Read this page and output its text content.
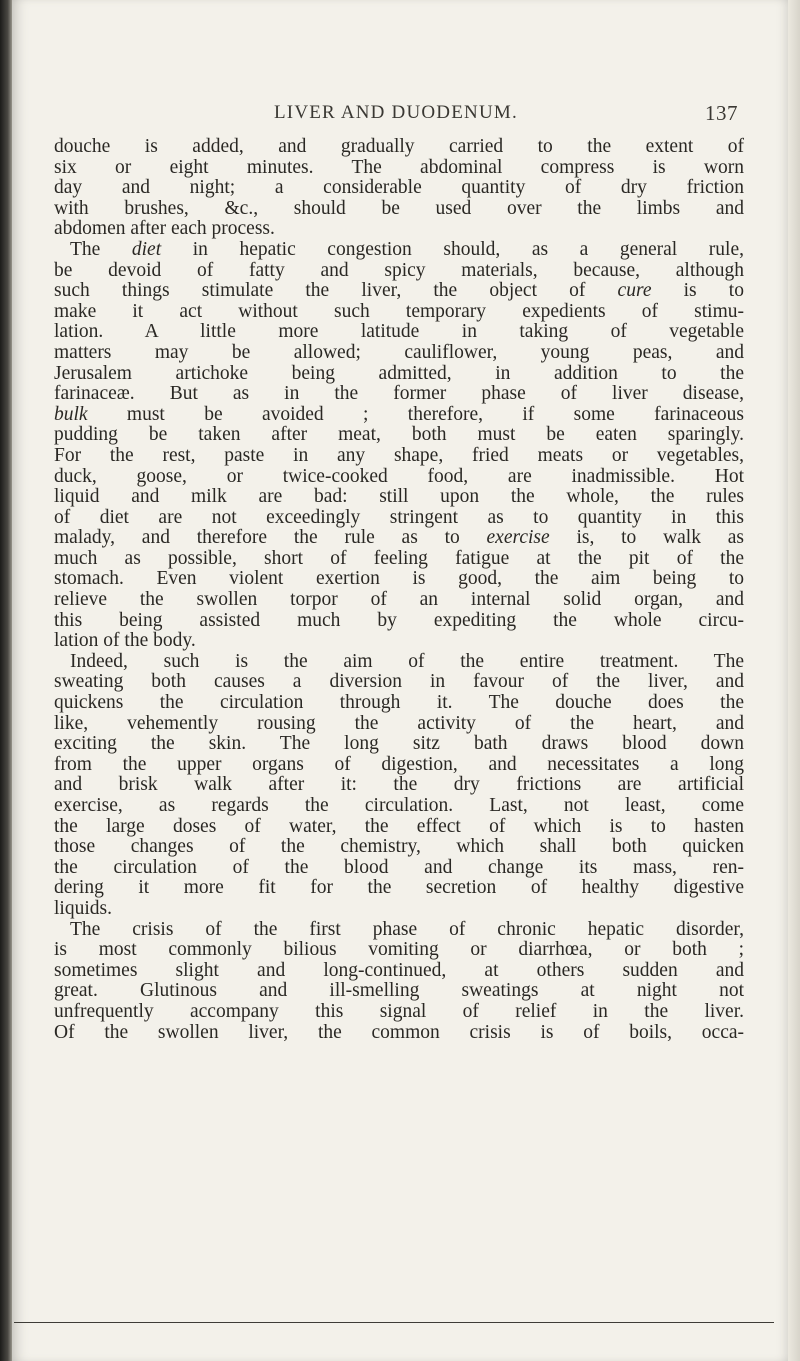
LIVER AND DUODENUM.	137
douche is added, and gradually carried to the extent of
six or eight minutes. The abdominal compress is worn
day and night; a considerable quantity of dry friction
with brushes, &c., should be used over the limbs and
abdomen after each process.
The diet in hepatic congestion should, as a general rule,
be devoid of fatty and spicy materials, because, although
such things stimulate the liver, the object of cure is to
make it act without such temporary expedients of stimu-
lation. A little more latitude in taking of vegetable
matters may be allowed; cauliflower, young peas, and
Jerusalem artichoke being admitted, in addition to the
farinaceæ. But as in the former phase of liver disease,
bulk must be avoided ; therefore, if some farinaceous
pudding be taken after meat, both must be eaten sparingly.
For the rest, paste in any shape, fried meats or vegetables,
duck, goose, or twice-cooked food, are inadmissible. Hot
liquid and milk are bad: still upon the whole, the rules
of diet are not exceedingly stringent as to quantity in this
malady, and therefore the rule as to exercise is, to walk as
much as possible, short of feeling fatigue at the pit of the
stomach. Even violent exertion is good, the aim being to
relieve the swollen torpor of an internal solid organ, and
this being assisted much by expediting the whole circu-
lation of the body.
Indeed, such is the aim of the entire treatment. The
sweating both causes a diversion in favour of the liver, and
quickens the circulation through it. The douche does the
like, vehemently rousing the activity of the heart, and
exciting the skin. The long sitz bath draws blood down
from the upper organs of digestion, and necessitates a long
and brisk walk after it: the dry frictions are artificial
exercise, as regards the circulation. Last, not least, come
the large doses of water, the effect of which is to hasten
those changes of the chemistry, which shall both quicken
the circulation of the blood and change its mass, ren-
dering it more fit for the secretion of healthy digestive
liquids.
The crisis of the first phase of chronic hepatic disorder,
is most commonly bilious vomiting or diarrhœa, or both ;
sometimes slight and long-continued, at others sudden and
great. Glutinous and ill-smelling sweatings at night not
unfrequently accompany this signal of relief in the liver.
Of the swollen liver, the common crisis is of boils, occa-
